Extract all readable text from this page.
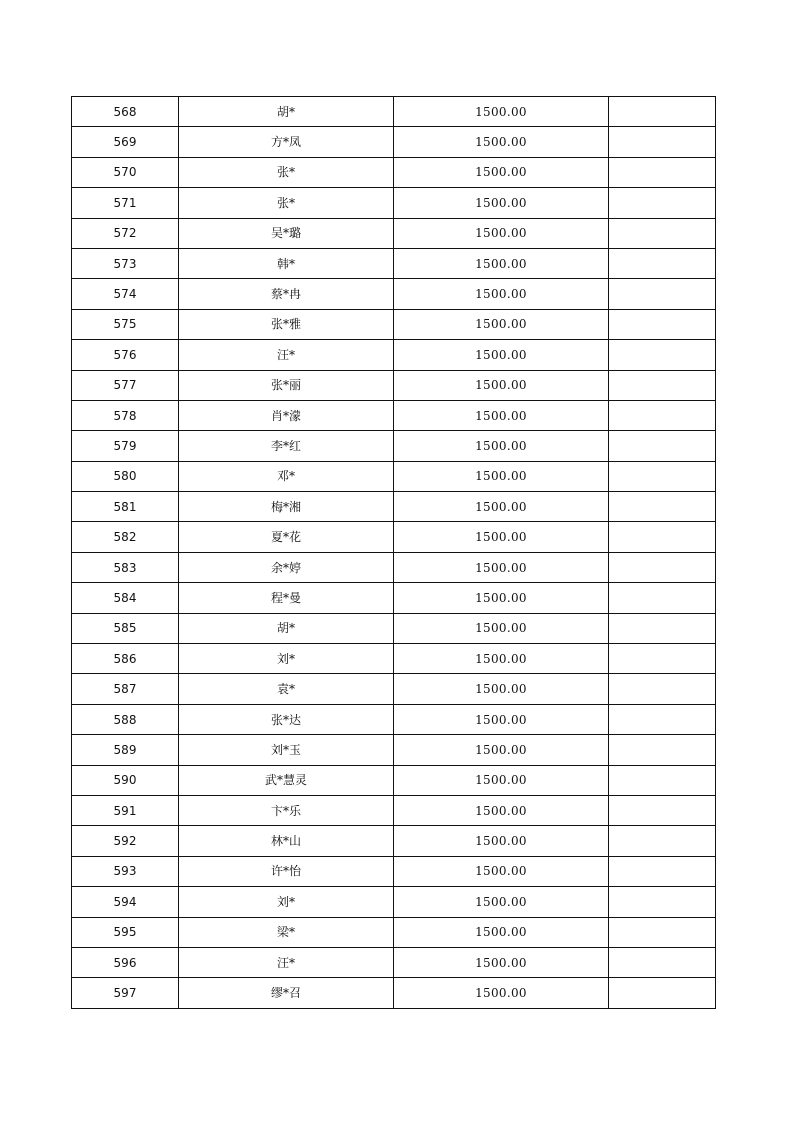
568	胡*	1500.00	
569	方*凤	1500.00	
570	张*	1500.00	
571	张*	1500.00	
572	吴*璐	1500.00	
573	韩*	1500.00	
574	蔡*冉	1500.00	
575	张*雅	1500.00	
576	汪*	1500.00	
577	张*丽	1500.00	
578	肖*濛	1500.00	
579	李*红	1500.00	
580	邓*	1500.00	
581	梅*湘	1500.00	
582	夏*花	1500.00	
583	余*婷	1500.00	
584	程*曼	1500.00	
585	胡*	1500.00	
586	刘*	1500.00	
587	袁*	1500.00	
588	张*达	1500.00	
589	刘*玉	1500.00	
590	武*慧灵	1500.00	
591	卞*乐	1500.00	
592	林*山	1500.00	
593	许*怡	1500.00	
594	刘*	1500.00	
595	梁*	1500.00	
596	汪*	1500.00	
597	缪*召	1500.00	
